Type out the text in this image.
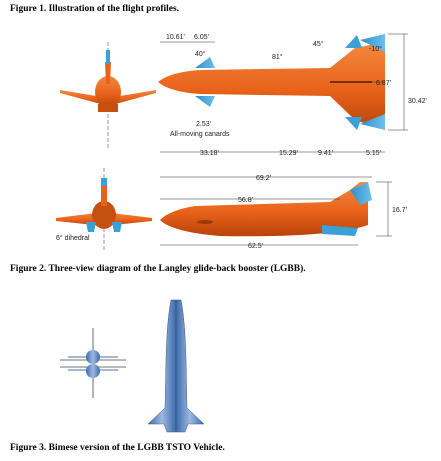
Figure 1. Illustration of the flight profiles.
6° dihedral
10.61' 6.05'
40°	81°
45°
-10°
6.87'
30.42'
2.53'
All-moving canards
33.18'	15.29'	9.41'	5.15'
69.2'
56.8'
16.7'
62.5'
Figure 2. Three-view diagram of the Langley glide-back booster (LGBB).
Figure 3. Bimese version of the LGBB TSTO Vehicle.
